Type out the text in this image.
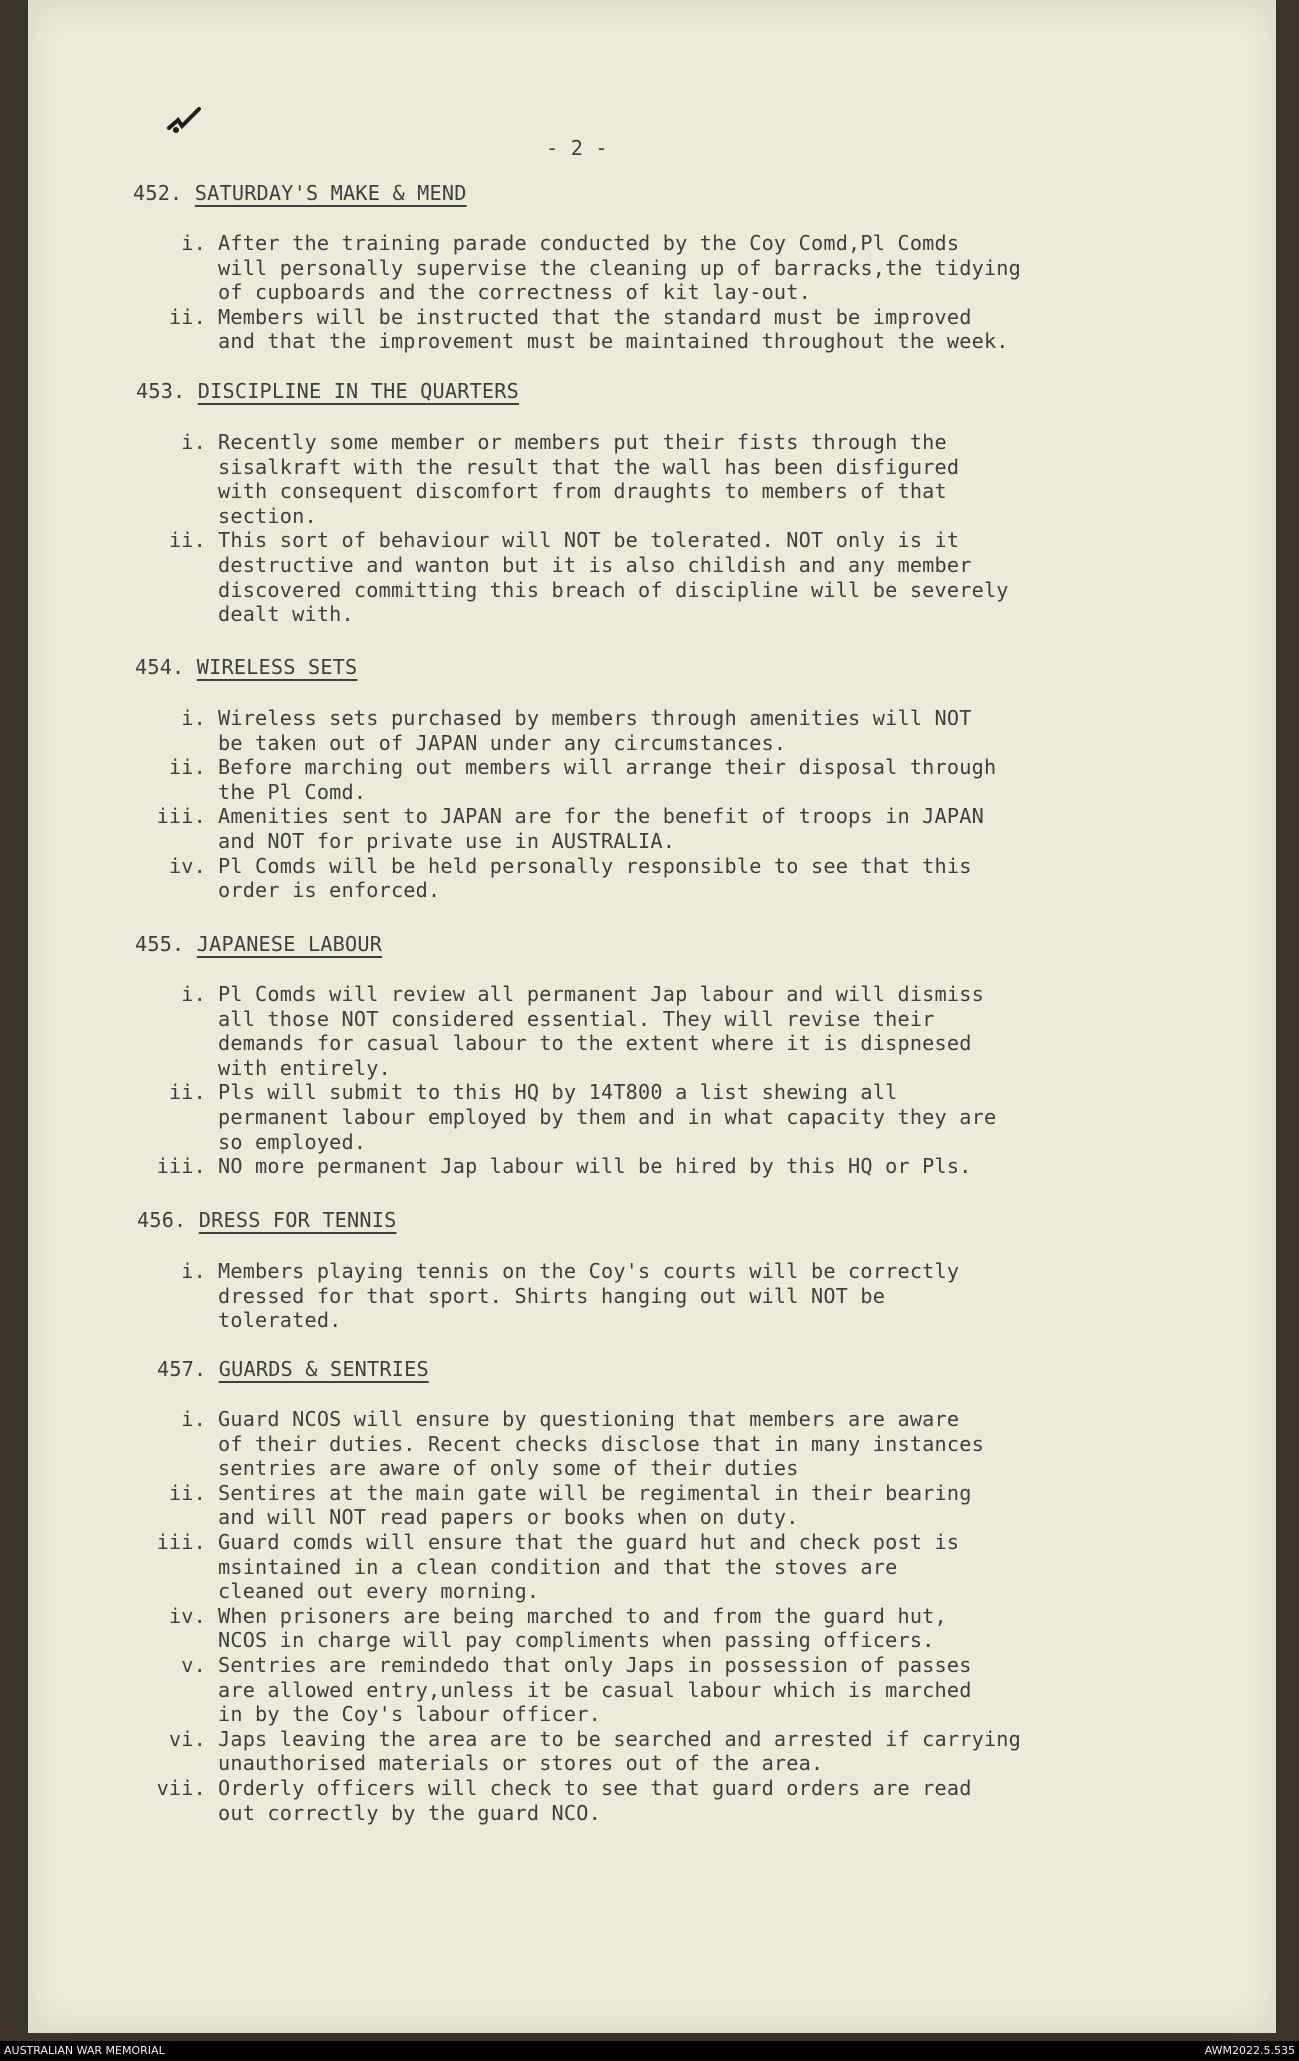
- 2 -
452. SATURDAY'S MAKE & MEND
i. After the training parade conducted by the Coy Comd,Pl Comds
will personally supervise the cleaning up of barracks,the tidying
of cupboards and the correctness of kit lay-out.
ii. Members will be instructed that the standard must be improved
and that the improvement must be maintained throughout the week.
453. DISCIPLINE IN THE QUARTERS
i. Recently some member or members put their fists through the
sisalkraft with the result that the wall has been disfigured
with consequent discomfort from draughts to members of that
section.
ii. This sort of behaviour will NOT be tolerated. NOT only is it
destructive and wanton but it is also childish and any member
discovered committing this breach of discipline will be severely
dealt with.
454. WIRELESS SETS
i. Wireless sets purchased by members through amenities will NOT
be taken out of JAPAN under any circumstances.
ii. Before marching out members will arrange their disposal through
the Pl Comd.
iii. Amenities sent to JAPAN are for the benefit of troops in JAPAN
and NOT for private use in AUSTRALIA.
iv. Pl Comds will be held personally responsible to see that this
order is enforced.
455. JAPANESE LABOUR
i. Pl Comds will review all permanent Jap labour and will dismiss
all those NOT considered essential. They will revise their
demands for casual labour to the extent where it is dispnesed
with entirely.
ii. Pls will submit to this HQ by 14T800 a list shewing all
permanent labour employed by them and in what capacity they are
so employed.
iii. NO more permanent Jap labour will be hired by this HQ or Pls.
456. DRESS FOR TENNIS
i. Members playing tennis on the Coy's courts will be correctly
dressed for that sport. Shirts hanging out will NOT be
tolerated.
457. GUARDS & SENTRIES
i. Guard NCOS will ensure by questioning that members are aware
of their duties. Recent checks disclose that in many instances
sentries are aware of only some of their duties
ii. Sentires at the main gate will be regimental in their bearing
and will NOT read papers or books when on duty.
iii. Guard comds will ensure that the guard hut and check post is
msintained in a clean condition and that the stoves are
cleaned out every morning.
iv. When prisoners are being marched to and from the guard hut,
NCOS in charge will pay compliments when passing officers.
v. Sentries are remindedo that only Japs in possession of passes
are allowed entry,unless it be casual labour which is marched
in by the Coy's labour officer.
vi. Japs leaving the area are to be searched and arrested if carrying
unauthorised materials or stores out of the area.
vii. Orderly officers will check to see that guard orders are read
out correctly by the guard NCO.
AUSTRALIAN WAR MEMORIAL	AWM2022.5.535
